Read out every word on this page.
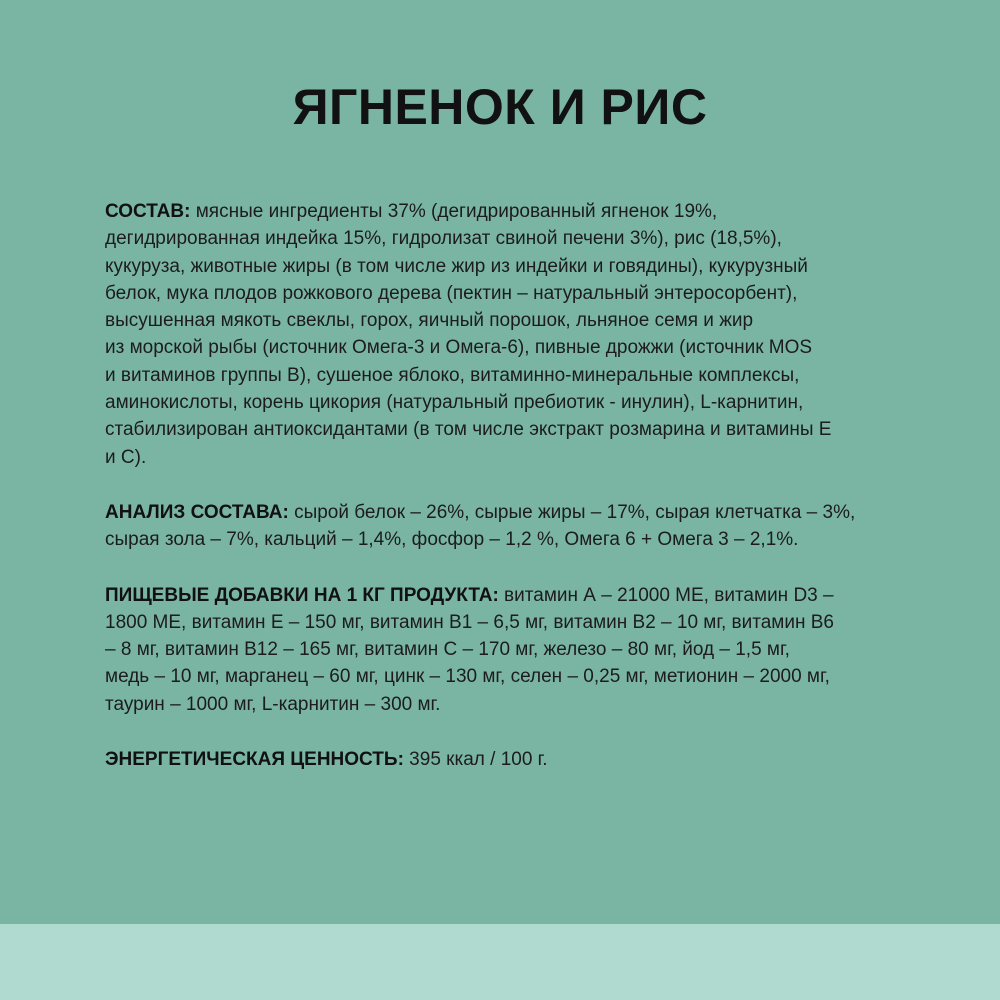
ЯГНЕНОК И РИС

СОСТАВ: мясные ингредиенты 37% (дегидрированный ягненок 19%,
дегидрированная индейка 15%, гидролизат свиной печени 3%), рис (18,5%),
кукуруза, животные жиры (в том числе жир из индейки и говядины), кукурузный
белок, мука плодов рожкового дерева (пектин – натуральный энтеросорбент),
высушенная мякоть свеклы, горох, яичный порошок, льняное семя и жир
из морской рыбы (источник Омега-3 и Омега-6), пивные дрожжи (источник MOS
и витаминов группы B), сушеное яблоко, витаминно-минеральные комплексы,
аминокислоты, корень цикория (натуральный пребиотик - инулин), L-карнитин,
стабилизирован антиоксидантами (в том числе экстракт розмарина и витамины Е
и С).

АНАЛИЗ СОСТАВА: сырой белок – 26%, сырые жиры – 17%, сырая клетчатка – 3%,
сырая зола – 7%, кальций – 1,4%, фосфор – 1,2 %, Омега 6 + Омега 3 – 2,1%.

ПИЩЕВЫЕ ДОБАВКИ НА 1 КГ ПРОДУКТА: витамин А – 21000 МЕ, витамин D3 –
1800 МЕ, витамин Е – 150 мг, витамин В1 – 6,5 мг, витамин В2 – 10 мг, витамин В6
– 8 мг, витамин В12 – 165 мг, витамин С – 170 мг, железо – 80 мг, йод – 1,5 мг,
медь – 10 мг, марганец – 60 мг, цинк – 130 мг, селен – 0,25 мг, метионин – 2000 мг,
таурин – 1000 мг, L-карнитин – 300 мг.

ЭНЕРГЕТИЧЕСКАЯ ЦЕННОСТЬ: 395 ккал / 100 г.
